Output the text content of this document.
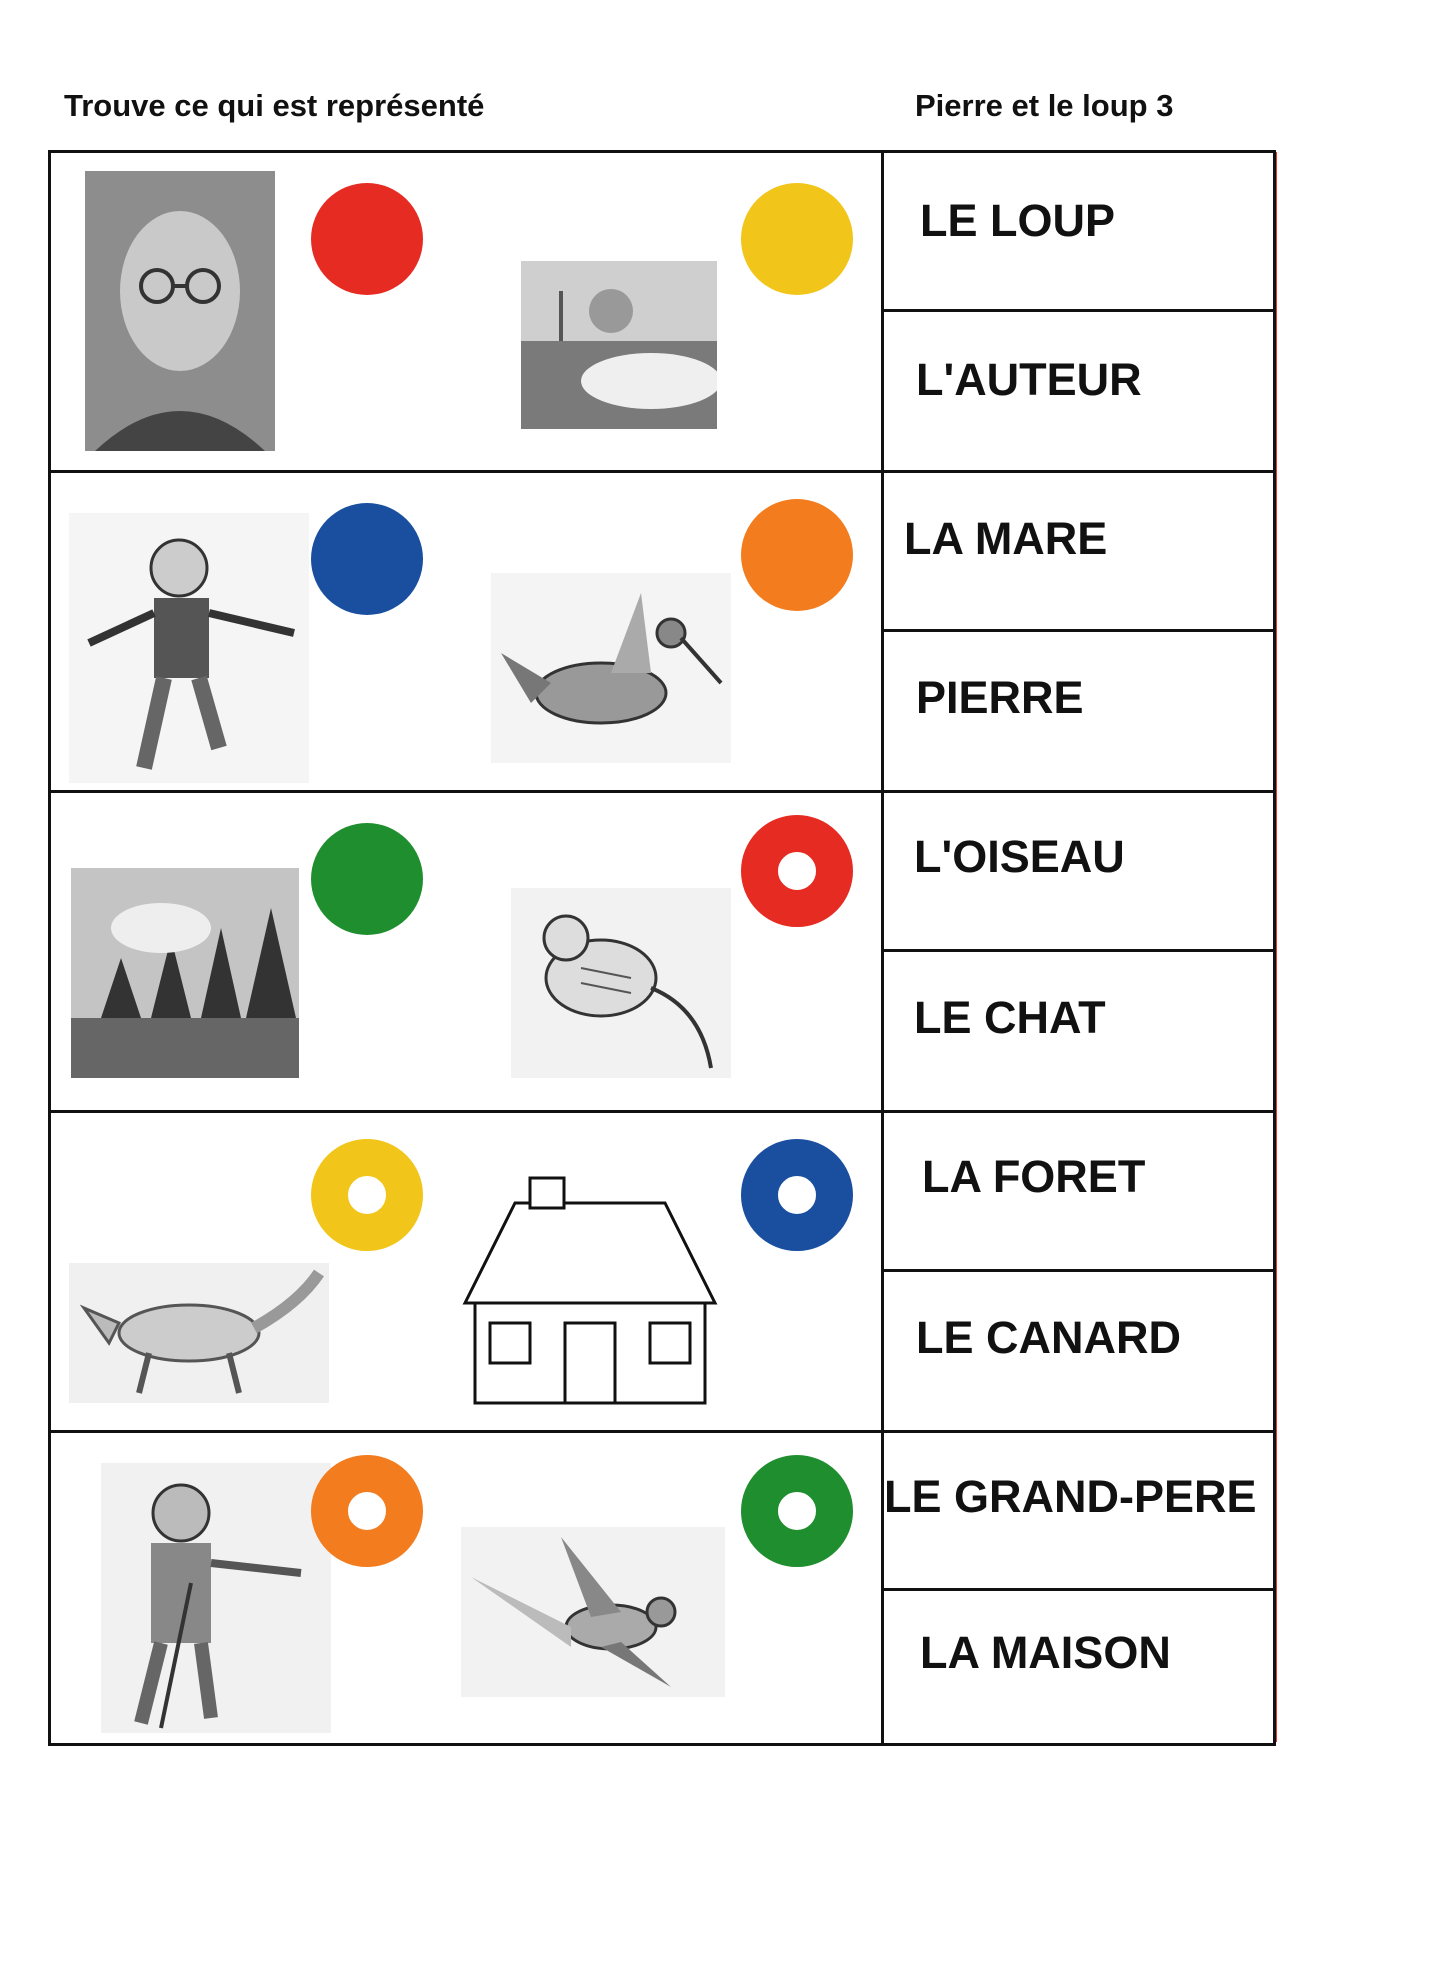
Trouve ce qui est représenté	Pierre et le loup 3
LE LOUP
L'AUTEUR
LA MARE
PIERRE
L'OISEAU
LE CHAT
LA FORET
LE CANARD
LE GRAND-PERE
LA MAISON
